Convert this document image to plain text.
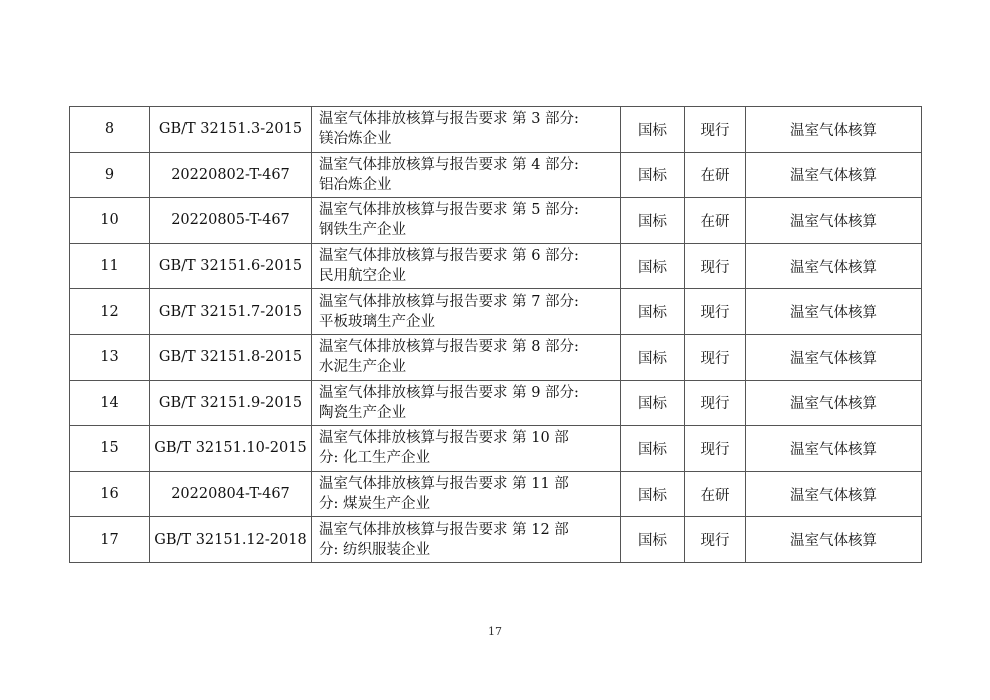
8	GB/T 32151.3-2015	温室气体排放核算与报告要求 第 3 部分:
镁冶炼企业	国标	现行	温室气体核算
9	20220802-T-467	温室气体排放核算与报告要求 第 4 部分:
铝冶炼企业	国标	在研	温室气体核算
10	20220805-T-467	温室气体排放核算与报告要求 第 5 部分:
钢铁生产企业	国标	在研	温室气体核算
11	GB/T 32151.6-2015	温室气体排放核算与报告要求 第 6 部分:
民用航空企业	国标	现行	温室气体核算
12	GB/T 32151.7-2015	温室气体排放核算与报告要求 第 7 部分:
平板玻璃生产企业	国标	现行	温室气体核算
13	GB/T 32151.8-2015	温室气体排放核算与报告要求 第 8 部分:
水泥生产企业	国标	现行	温室气体核算
14	GB/T 32151.9-2015	温室气体排放核算与报告要求 第 9 部分:
陶瓷生产企业	国标	现行	温室气体核算
15	GB/T 32151.10-2015	温室气体排放核算与报告要求 第 10 部
分: 化工生产企业	国标	现行	温室气体核算
16	20220804-T-467	温室气体排放核算与报告要求 第 11 部
分: 煤炭生产企业	国标	在研	温室气体核算
17	GB/T 32151.12-2018	温室气体排放核算与报告要求 第 12 部
分: 纺织服装企业	国标	现行	温室气体核算
17
